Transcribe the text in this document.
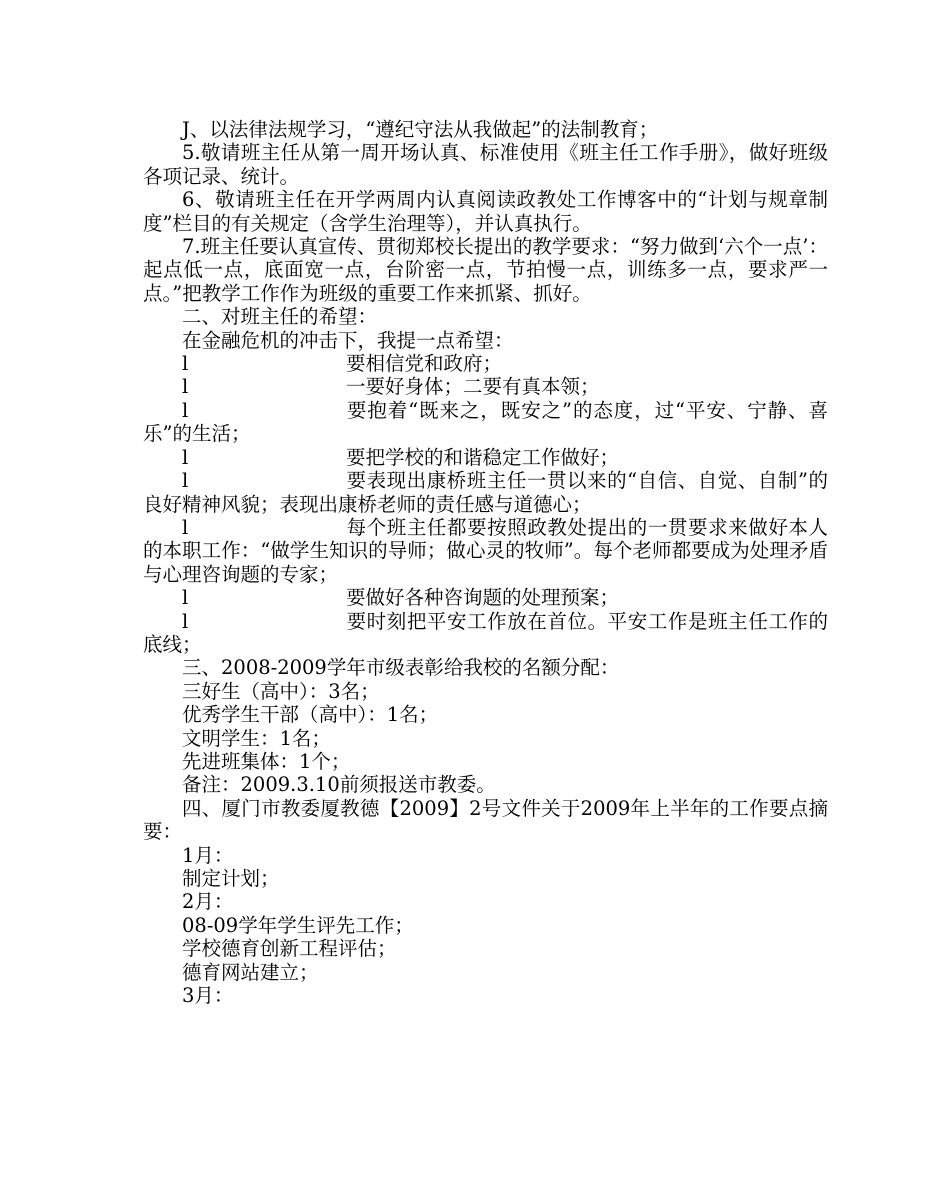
J、以法律法规学习，“遵纪守法从我做起”的法制教育；

5.敬请班主任从第一周开场认真、标准使用《班主任工作手册》，做好班级各项记录、统计。

6、敬请班主任在开学两周内认真阅读政教处工作博客中的“计划与规章制度”栏目的有关规定（含学生治理等），并认真执行。

7.班主任要认真宣传、贯彻郑校长提出的教学要求：“努力做到‘六个一点’：起点低一点，底面宽一点，台阶密一点，节拍慢一点，训练多一点，要求严一点。”把教学工作作为班级的重要工作来抓紧、抓好。

二、对班主任的希望：

在金融危机的冲击下，我提一点希望：

l	要相信党和政府；

l	一要好身体；二要有真本领；

l	要抱着“既来之，既安之”的态度，过“平安、宁静、喜乐”的生活；

l	要把学校的和谐稳定工作做好；

l	要表现出康桥班主任一贯以来的“自信、自觉、自制”的良好精神风貌；表现出康桥老师的责任感与道德心；

l	每个班主任都要按照政教处提出的一贯要求来做好本人的本职工作：“做学生知识的导师；做心灵的牧师”。每个老师都要成为处理矛盾与心理咨询题的专家；

l	要做好各种咨询题的处理预案；

l	要时刻把平安工作放在首位。平安工作是班主任工作的底线；

三、2008-2009学年市级表彰给我校的名额分配：

三好生（高中）：3名；

优秀学生干部（高中）：1名；

文明学生：1名；

先进班集体：1个；

备注：2009.3.10前须报送市教委。

四、厦门市教委厦教德【2009】2号文件关于2009年上半年的工作要点摘要：

1月：

制定计划；

2月：

08-09学年学生评先工作；

学校德育创新工程评估；

德育网站建立；

3月：
